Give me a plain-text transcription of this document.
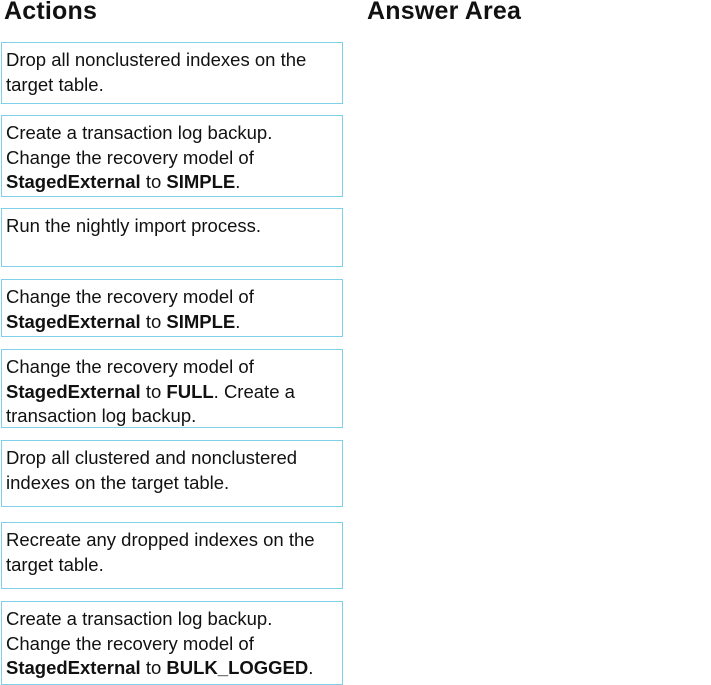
Actions	Answer Area
Drop all nonclustered indexes on the target table.
Create a transaction log backup. Change the recovery model of StagedExternal to SIMPLE.
Run the nightly import process.
Change the recovery model of StagedExternal to SIMPLE.
Change the recovery model of StagedExternal to FULL. Create a transaction log backup.
Drop all clustered and nonclustered indexes on the target table.
Recreate any dropped indexes on the target table.
Create a transaction log backup. Change the recovery model of StagedExternal to BULK_LOGGED.
